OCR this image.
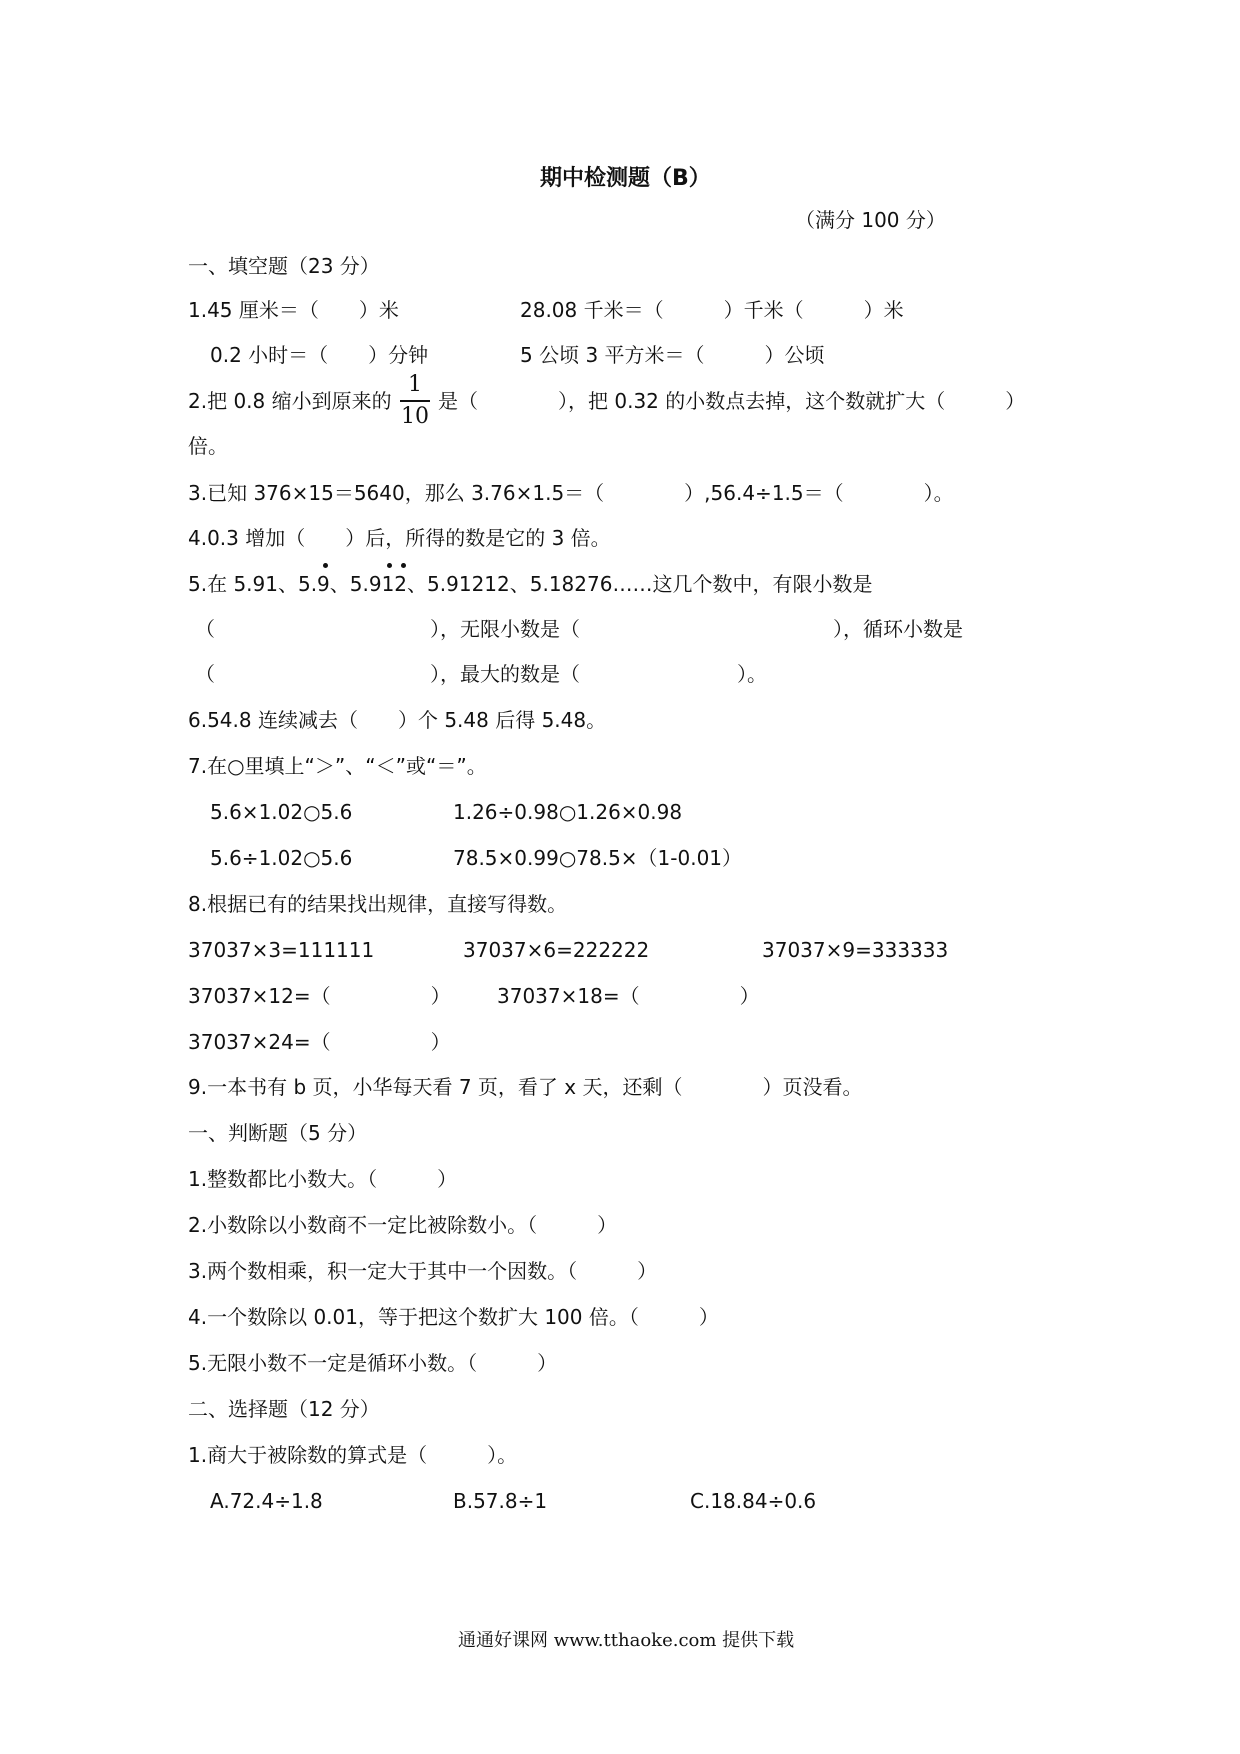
期中检测题（B）
（满分 100 分）
一、填空题（23 分）
1.45 厘米＝（　　）米	28.08 千米＝（　　　）千米（　　　）米
0.2 小时＝（　　）分钟	5 公顷 3 平方米＝（　　　）公顷
2.把 0.8 缩小到原来的
1
10
是（　　　　），把 0.32 的小数点去掉，这个数就扩大（　　　）
倍。
3.已知 376×15＝5640，那么 3.76×1.5＝（　　　　）,56.4÷1.5＝（　　　　）。
4.0.3 增加（　　）后，所得的数是它的 3 倍。
5.在 5.91、5.9、5.912、5.91212、5.18276……这几个数中，有限小数是
（	），无限小数是（	），循环小数是
（	），最大的数是（	）。
6.54.8 连续减去（　　）个 5.48 后得 5.48。
7.在○里填上“＞”、“＜”或“＝”。
5.6×1.02○5.6	1.26÷0.98○1.26×0.98
5.6÷1.02○5.6	78.5×0.99○78.5×（1-0.01）
8.根据已有的结果找出规律，直接写得数。
37037×3=111111	37037×6=222222	37037×9=333333
37037×12=（　　　　　） 37037×18=（　　　　　）
37037×24=（　　　　　）
9.一本书有 b 页，小华每天看 7 页，看了 x 天，还剩（　　　　）页没看。
一、判断题（5 分）
1.整数都比小数大。（　　　）
2.小数除以小数商不一定比被除数小。（　　　）
3.两个数相乘，积一定大于其中一个因数。（　　　）
4.一个数除以 0.01，等于把这个数扩大 100 倍。（　　　）
5.无限小数不一定是循环小数。（　　　）
二、选择题（12 分）
1.商大于被除数的算式是（　　　）。
A.72.4÷1.8	B.57.8÷1	C.18.84÷0.6
通通好课网 www.tthaoke.com 提供下载
